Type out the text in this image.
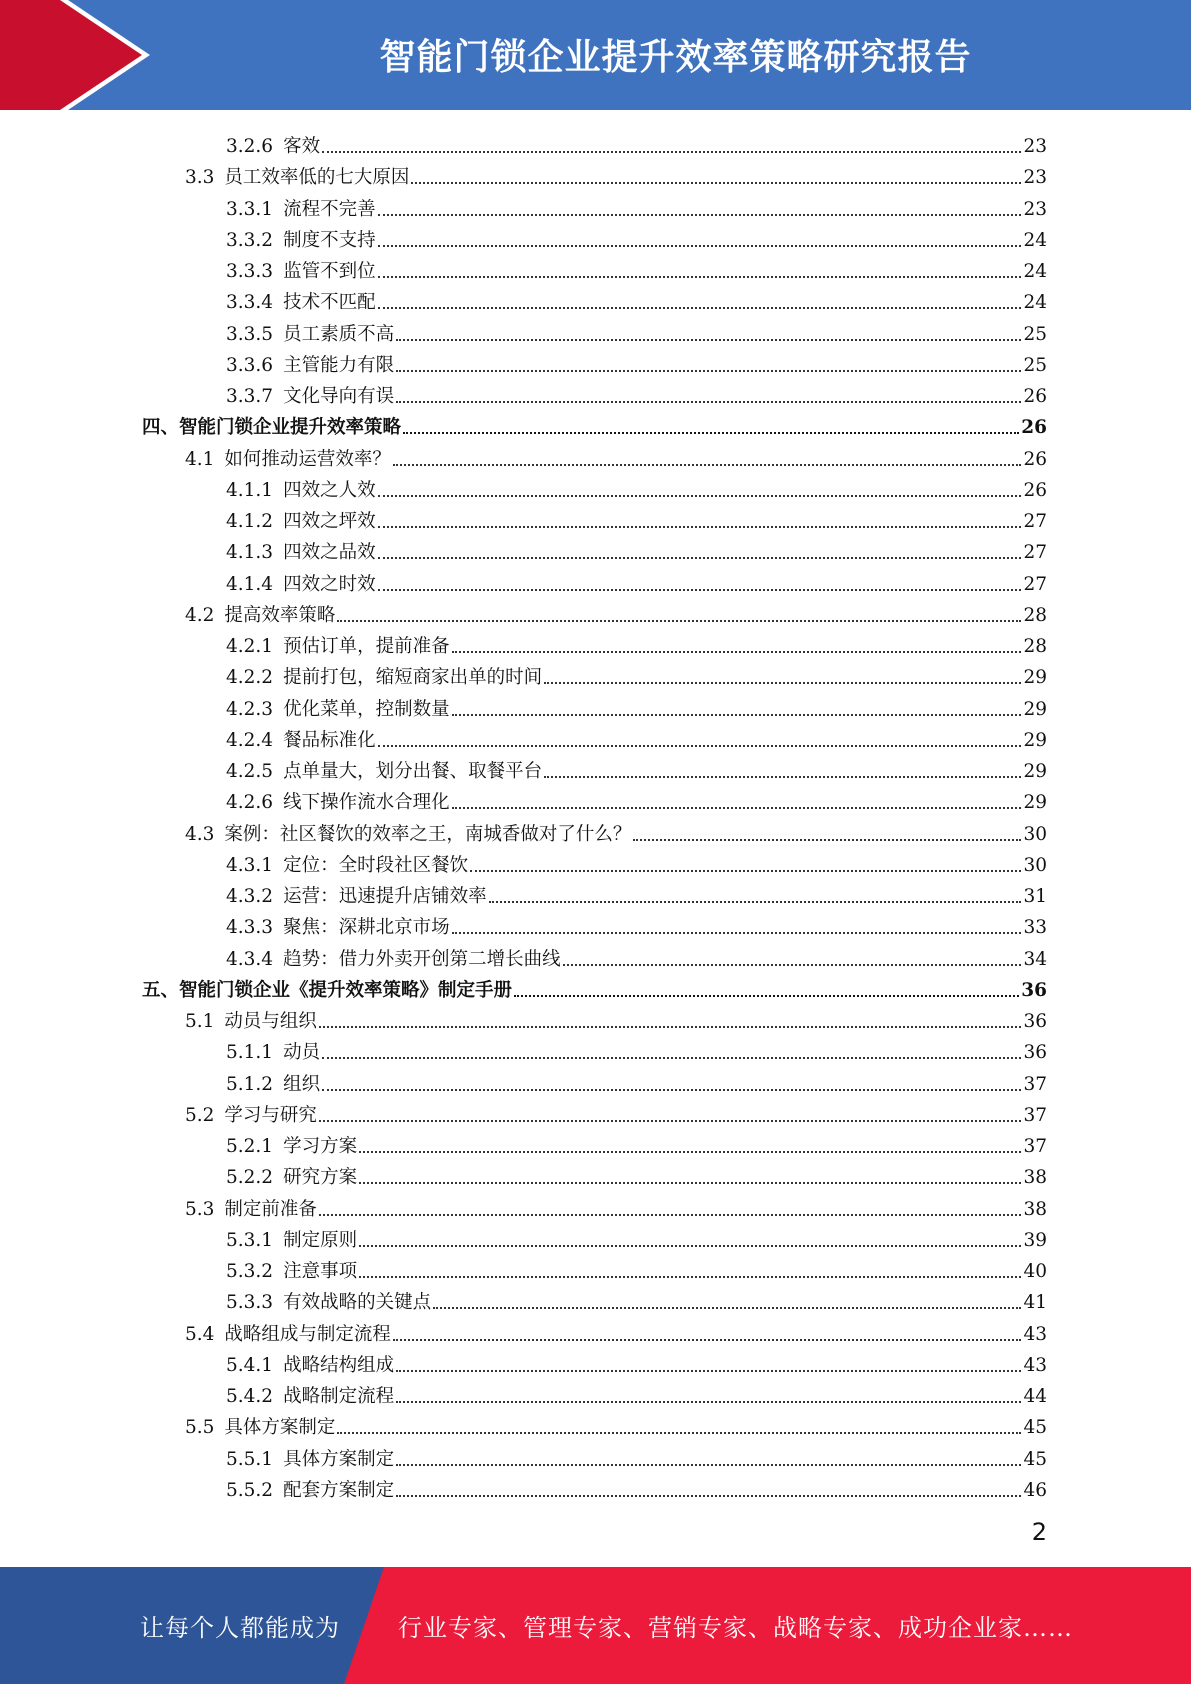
智能门锁企业提升效率策略研究报告
3.2.6 客效	23
3.3 员工效率低的七大原因	23
3.3.1 流程不完善	23
3.3.2 制度不支持	24
3.3.3 监管不到位	24
3.3.4 技术不匹配	24
3.3.5 员工素质不高	25
3.3.6 主管能力有限	25
3.3.7 文化导向有误	26
四、智能门锁企业提升效率策略	26
4.1 如何推动运营效率？	26
4.1.1 四效之人效	26
4.1.2 四效之坪效	27
4.1.3 四效之品效	27
4.1.4 四效之时效	27
4.2 提高效率策略	28
4.2.1 预估订单，提前准备	28
4.2.2 提前打包，缩短商家出单的时间	29
4.2.3 优化菜单，控制数量	29
4.2.4 餐品标准化	29
4.2.5 点单量大，划分出餐、取餐平台	29
4.2.6 线下操作流水合理化	29
4.3 案例：社区餐饮的效率之王，南城香做对了什么？	30
4.3.1 定位：全时段社区餐饮	30
4.3.2 运营：迅速提升店铺效率	31
4.3.3 聚焦：深耕北京市场	33
4.3.4 趋势：借力外卖开创第二增长曲线	34
五、智能门锁企业《提升效率策略》制定手册	36
5.1 动员与组织	36
5.1.1 动员	36
5.1.2 组织	37
5.2 学习与研究	37
5.2.1 学习方案	37
5.2.2 研究方案	38
5.3 制定前准备	38
5.3.1 制定原则	39
5.3.2 注意事项	40
5.3.3 有效战略的关键点	41
5.4 战略组成与制定流程	43
5.4.1 战略结构组成	43
5.4.2 战略制定流程	44
5.5 具体方案制定	45
5.5.1 具体方案制定	45
5.5.2 配套方案制定	46
2
让每个人都能成为 行业专家、管理专家、营销专家、战略专家、成功企业家……
